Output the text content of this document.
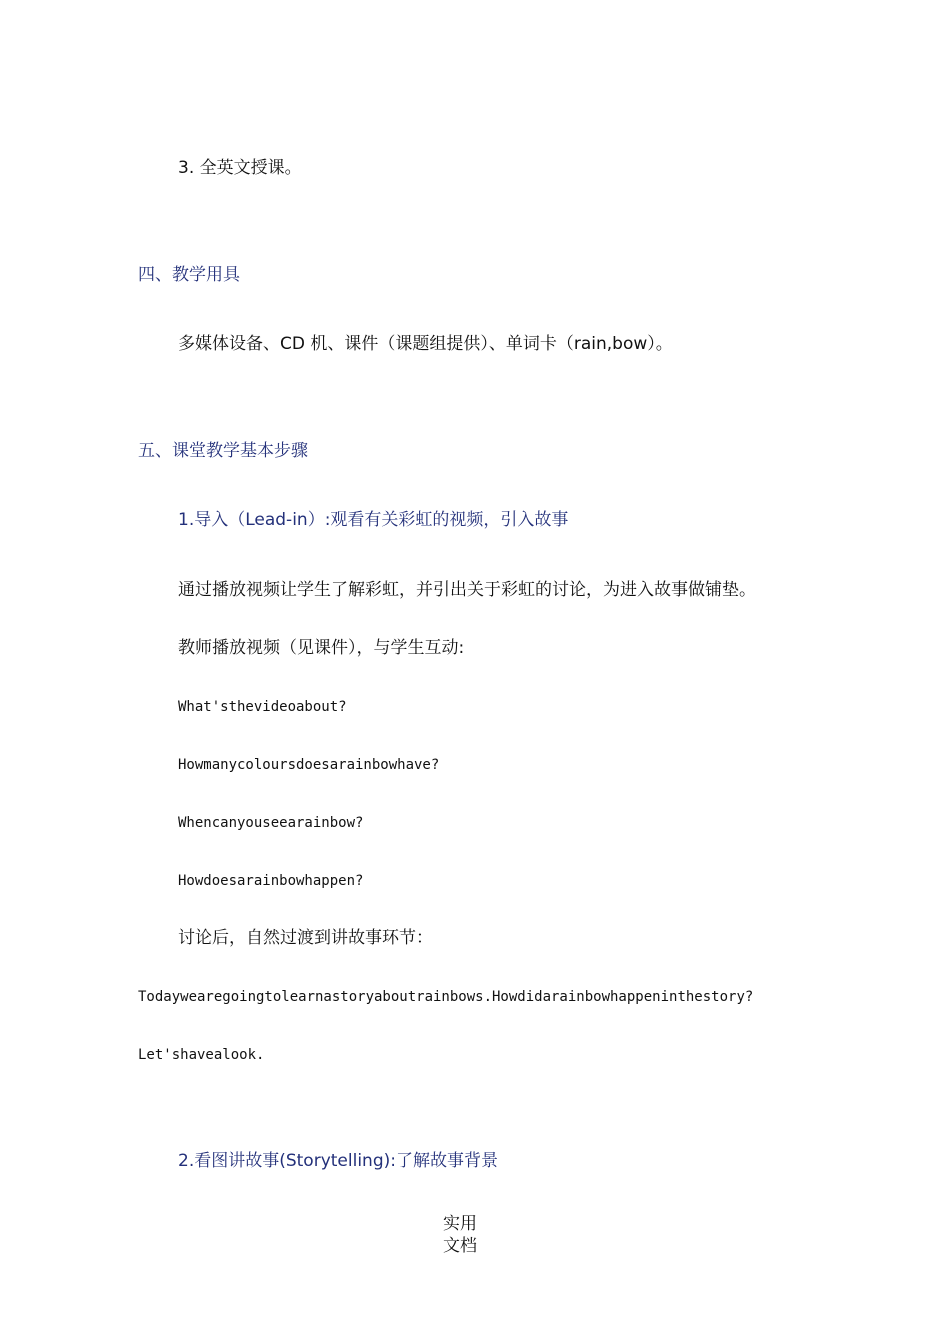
3. 全英文授课。
四、教学用具
多媒体设备、CD 机、课件（课题组提供）、单词卡（rain,bow）。
五、课堂教学基本步骤
1.导入（Lead-in）:观看有关彩虹的视频，引入故事
通过播放视频让学生了解彩虹，并引出关于彩虹的讨论，为进入故事做铺垫。
教师播放视频（见课件），与学生互动:
What'sthevideoabout?
Howmanycoloursdoesarainbowhave?
Whencanyouseearainbow?
Howdoesarainbowhappen?
讨论后，自然过渡到讲故事环节：
Todaywearegoingtolearnastoryaboutrainbows.Howdidarainbowhappeninthestory?
Let'shavealook.
2.看图讲故事(Storytelling):了解故事背景
实用
文档
